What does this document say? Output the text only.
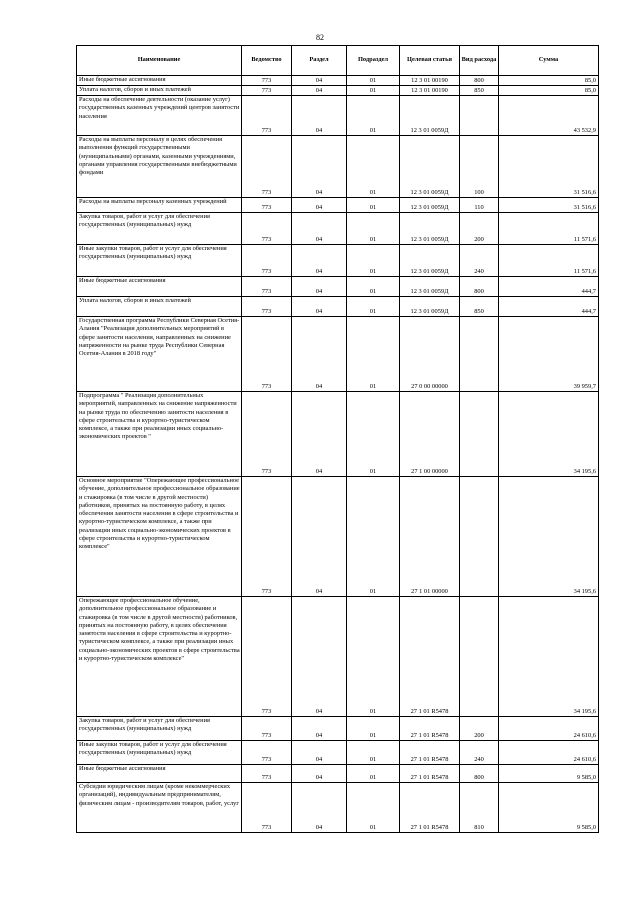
82
Наименование	Ведомство	Раздел	Подраздел	Целевая статья	Вид расхода	Сумма
Иные бюджетные ассигнования	773	04	01	12 3 01 00190	800	85,0
Уплата налогов, сборов и иных платежей	773	04	01	12 3 01 00190	850	85,0
Расходы на обеспечение деятельности (оказание услуг) государственных казенных учреждений центров занятости населения	773	04	01	12 3 01 0059Д		43 532,9
Расходы на выплаты персоналу в целях обеспечения выполнения функций государственными (муниципальными) органами, казенными учреждениями, органами управления государственными внебюджетными фондами	773	04	01	12 3 01 0059Д	100	31 516,6
Расходы на выплаты персоналу казенных учреждений	773	04	01	12 3 01 0059Д	110	31 516,6
Закупка товаров, работ и услуг для обеспечения государственных (муниципальных) нужд	773	04	01	12 3 01 0059Д	200	11 571,6
Иные закупки товаров, работ и услуг для обеспечения государственных (муниципальных) нужд	773	04	01	12 3 01 0059Д	240	11 571,6
Иные бюджетные ассигнования	773	04	01	12 3 01 0059Д	800	444,7
Уплата налогов, сборов и иных платежей	773	04	01	12 3 01 0059Д	850	444,7
Государственная программа Республики Северная Осетия-Алания "Реализация дополнительных мероприятий в сфере занятости населения, направленных на снижение напряженности на рынке труда Республики Северная Осетия-Алания в 2018 году"	773	04	01	27 0 00 00000		39 959,7
Подпрограмма " Реализация дополнительных мероприятий, направленных на снижение напряженности на рынке труда по обеспечению занятости населения в сфере строительства и курортно-туристическом комплексе, а также при реализации иных социально-экономических проектов "	773	04	01	27 1 00 00000		34 195,6
Основное мероприятие "Опережающее профессиональное обучение, дополнительное профессиональное образование и стажировка (в том числе в другой местности) работников, принятых на постоянную работу, в целях обеспечения занятости населения в сфере строительства и курортно-туристическом комплексе, а также при реализации иных социально-экономических проектов в сфере строительства и курортно-туристическом комплексе"	773	04	01	27 1 01 00000		34 195,6
Опережающее профессиональное обучение, дополнительное профессиональное образование и стажировка (в том числе в другой местности) работников, принятых на постоянную работу, в целях обеспечения занятости населения в сфере строительства и курортно-туристическом комплексе, а также при реализации иных социально-экономических проектов в сфере строительства и курортно-туристическом комплексе"	773	04	01	27 1 01 R5478		34 195,6
Закупка товаров, работ и услуг для обеспечения государственных (муниципальных) нужд	773	04	01	27 1 01 R5478	200	24 610,6
Иные закупки товаров, работ и услуг для обеспечения государственных (муниципальных) нужд	773	04	01	27 1 01 R5478	240	24 610,6
Иные бюджетные ассигнования	773	04	01	27 1 01 R5478	800	9 585,0
Субсидии юридическим лицам (кроме некоммерческих организаций), индивидуальным предпринимателям, физическим лицам - производителям товаров, работ, услуг	773	04	01	27 1 01 R5478	810	9 585,0
